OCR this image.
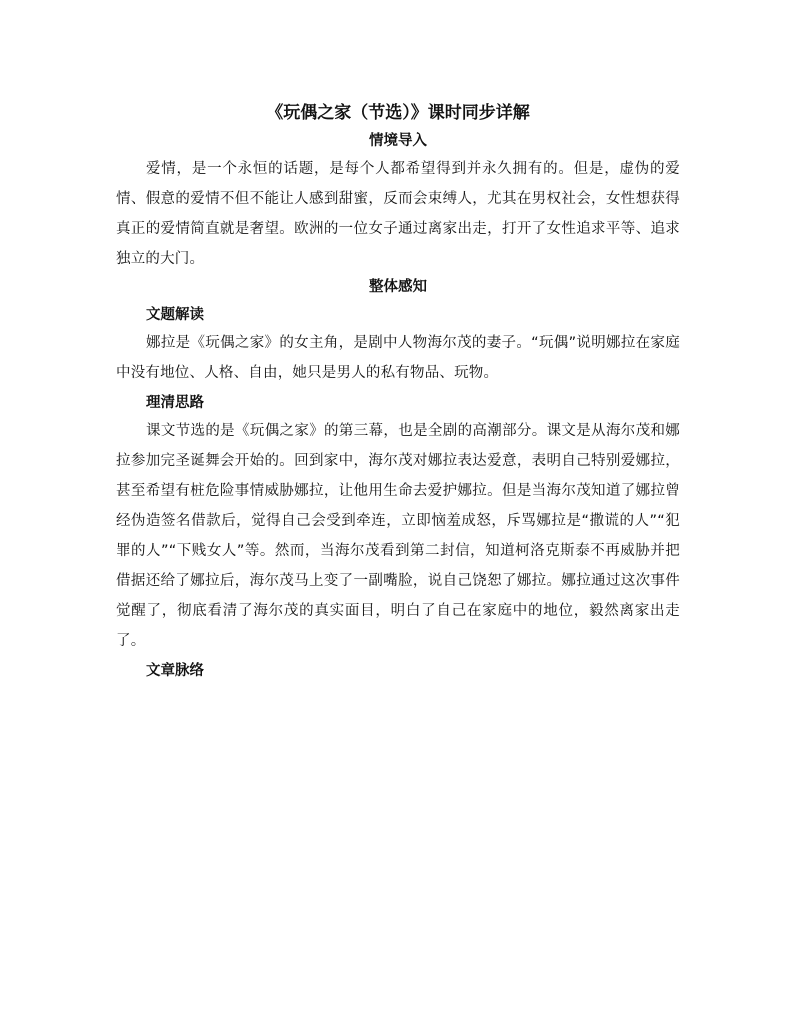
《玩偶之家（节选）》课时同步详解
情境导入

爱情，是一个永恒的话题，是每个人都希望得到并永久拥有的。但是，虚伪的爱情、假意的爱情不但不能让人感到甜蜜，反而会束缚人，尤其在男权社会，女性想获得真正的爱情简直就是奢望。欧洲的一位女子通过离家出走，打开了女性追求平等、追求独立的大门。

整体感知
文题解读

娜拉是《玩偶之家》的女主角，是剧中人物海尔茂的妻子。“玩偶”说明娜拉在家庭中没有地位、人格、自由，她只是男人的私有物品、玩物。

理清思路

课文节选的是《玩偶之家》的第三幕，也是全剧的高潮部分。课文是从海尔茂和娜拉参加完圣诞舞会开始的。回到家中，海尔茂对娜拉表达爱意，表明自己特别爱娜拉，甚至希望有桩危险事情威胁娜拉，让他用生命去爱护娜拉。但是当海尔茂知道了娜拉曾经伪造签名借款后，觉得自己会受到牵连，立即恼羞成怒，斥骂娜拉是“撒谎的人”“犯罪的人”“下贱女人”等。然而，当海尔茂看到第二封信，知道柯洛克斯泰不再威胁并把借据还给了娜拉后，海尔茂马上变了一副嘴脸，说自己饶恕了娜拉。娜拉通过这次事件觉醒了，彻底看清了海尔茂的真实面目，明白了自己在家庭中的地位，毅然离家出走了。

文章脉络
